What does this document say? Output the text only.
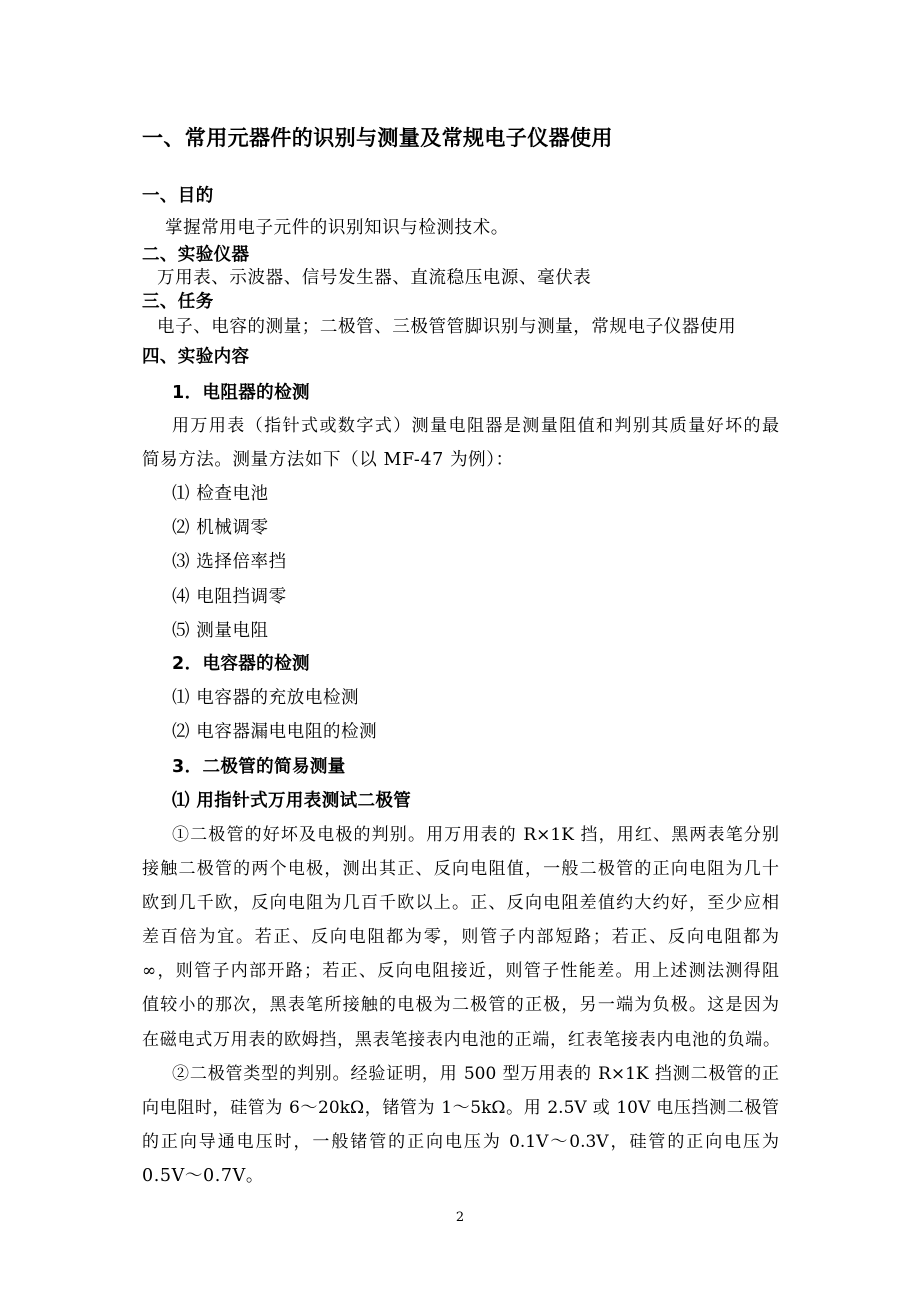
一、常用元器件的识别与测量及常规电子仪器使用
一、目的
掌握常用电子元件的识别知识与检测技术。
二、实验仪器
万用表、示波器、信号发生器、直流稳压电源、毫伏表
三、任务
电子、电容的测量；二极管、三极管管脚识别与测量，常规电子仪器使用
四、实验内容
1．电阻器的检测
用万用表（指针式或数字式）测量电阻器是测量阻值和判别其质量好坏的最
简易方法。测量方法如下（以 MF-47 为例）：
⑴ 检查电池
⑵ 机械调零
⑶ 选择倍率挡
⑷ 电阻挡调零
⑸ 测量电阻
2．电容器的检测
⑴ 电容器的充放电检测
⑵ 电容器漏电电阻的检测
3．二极管的简易测量
⑴ 用指针式万用表测试二极管
①二极管的好坏及电极的判别。用万用表的 R×1K 挡，用红、黑两表笔分别
接触二极管的两个电极，测出其正、反向电阻值，一般二极管的正向电阻为几十
欧到几千欧，反向电阻为几百千欧以上。正、反向电阻差值约大约好，至少应相
差百倍为宜。若正、反向电阻都为零，则管子内部短路；若正、反向电阻都为
∞，则管子内部开路；若正、反向电阻接近，则管子性能差。用上述测法测得阻
值较小的那次，黑表笔所接触的电极为二极管的正极，另一端为负极。这是因为
在磁电式万用表的欧姆挡，黑表笔接表内电池的正端，红表笔接表内电池的负端。
②二极管类型的判别。经验证明，用 500 型万用表的 R×1K 挡测二极管的正
向电阻时，硅管为 6～20kΩ，锗管为 1～5kΩ。用 2.5V 或 10V 电压挡测二极管
的正向导通电压时，一般锗管的正向电压为 0.1V～0.3V，硅管的正向电压为
0.5V～0.7V。
2
